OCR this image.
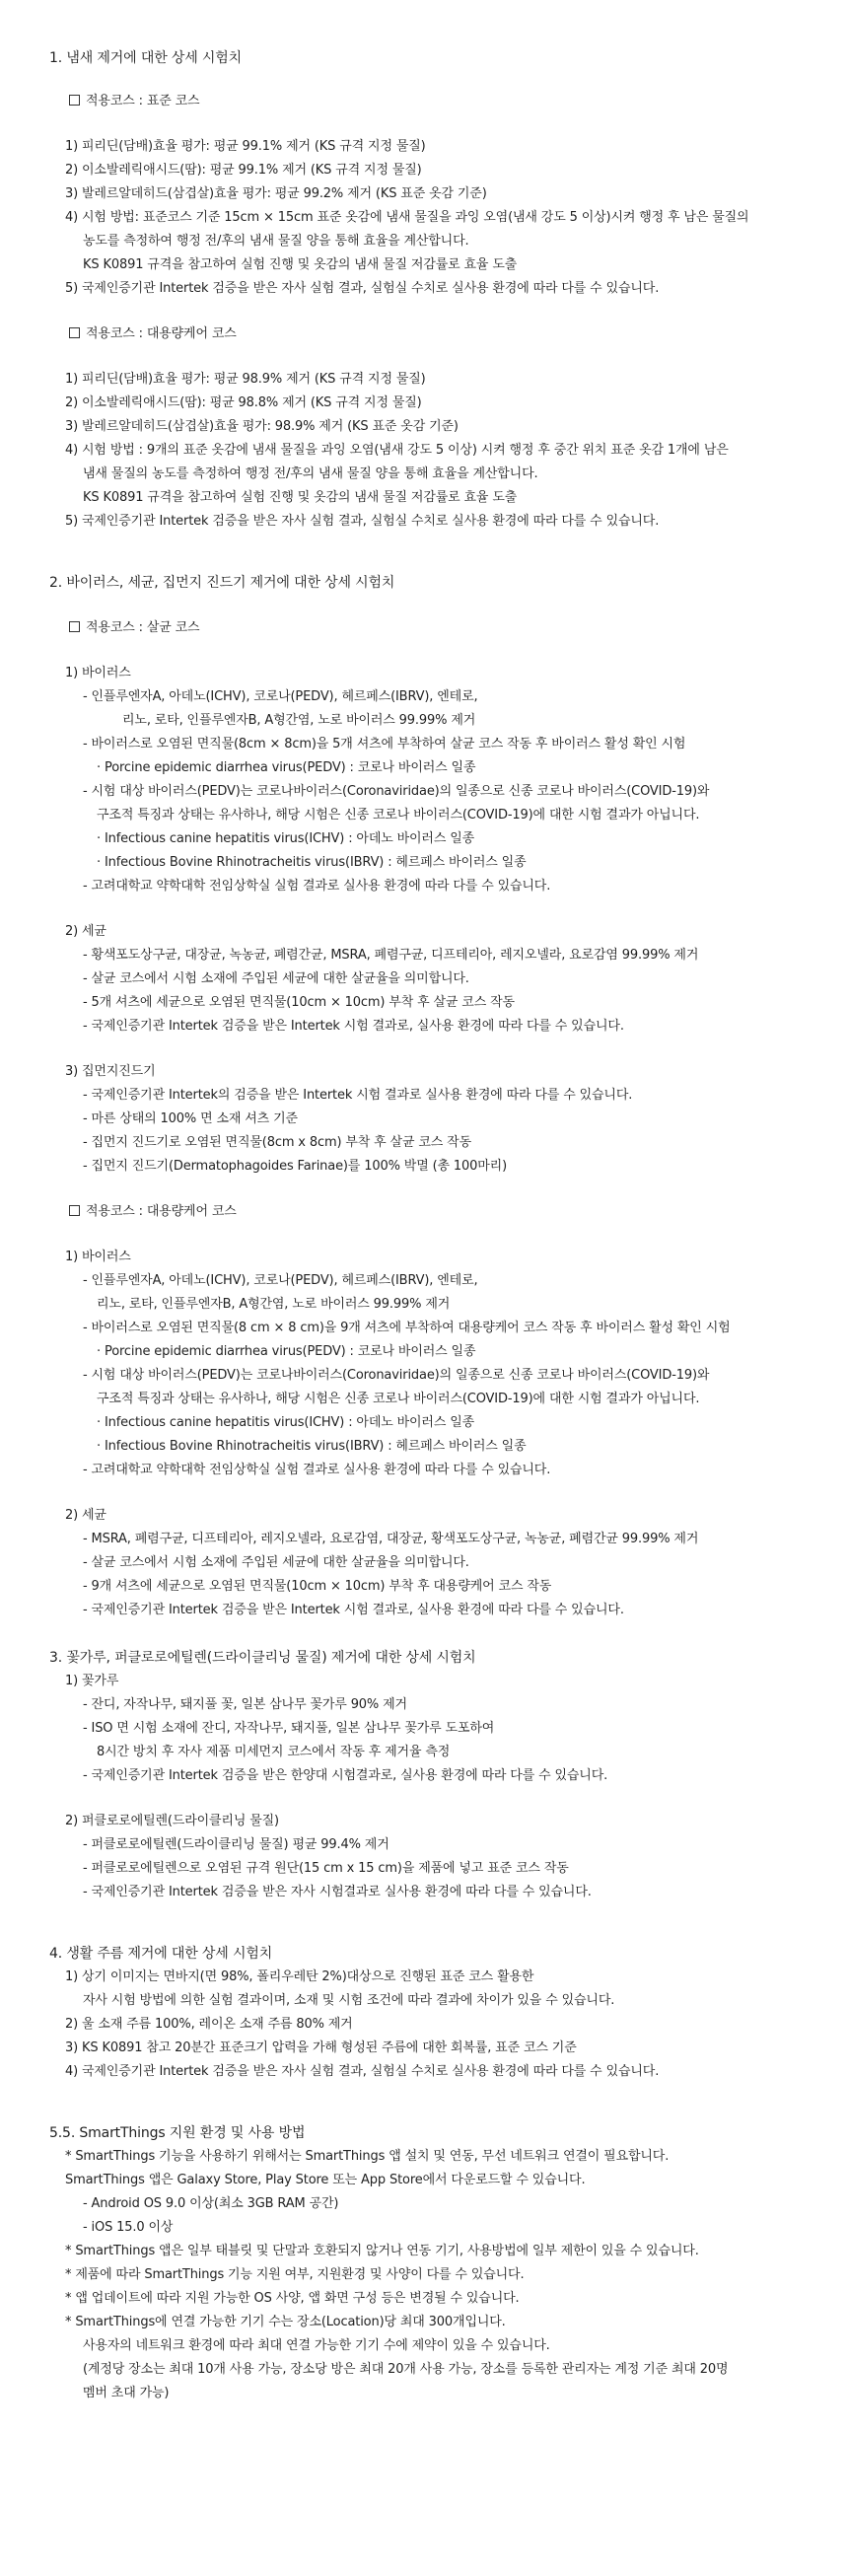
1. 냄새 제거에 대한 상세 시험치
적용코스 : 표준 코스
1) 피리딘(담배)효율 평가: 평균 99.1% 제거 (KS 규격 지정 물질)
2) 이소발레릭애시드(땀): 평균 99.1% 제거 (KS 규격 지정 물질)
3) 발레르알데히드(삼겹살)효율 평가: 평균 99.2% 제거 (KS 표준 옷감 기준)
4) 시험 방법: 표준코스 기준 15cm × 15cm 표준 옷감에 냄새 물질을 과잉 오염(냄새 강도 5 이상)시켜 행정 후 남은 물질의
농도를 측정하여 행정 전/후의 냄새 물질 양을 통해 효율을 계산합니다.
KS K0891 규격을 참고하여 실험 진행 및 옷감의 냄새 물질 저감률로 효율 도출
5) 국제인증기관 Intertek 검증을 받은 자사 실험 결과, 실험실 수치로 실사용 환경에 따라 다를 수 있습니다.
적용코스 : 대용량케어 코스
1) 피리딘(담배)효율 평가: 평균 98.9% 제거 (KS 규격 지정 물질)
2) 이소발레릭애시드(땀): 평균 98.8% 제거 (KS 규격 지정 물질)
3) 발레르알데히드(삼겹살)효율 평가: 98.9% 제거 (KS 표준 옷감 기준)
4) 시험 방법 : 9개의 표준 옷감에 냄새 물질을 과잉 오염(냄새 강도 5 이상) 시켜 행정 후 중간 위치 표준 옷감 1개에 남은
냄새 물질의 농도를 측정하여 행정 전/후의 냄새 물질 양을 통해 효율을 계산합니다.
KS K0891 규격을 참고하여 실험 진행 및 옷감의 냄새 물질 저감률로 효율 도출
5) 국제인증기관 Intertek 검증을 받은 자사 실험 결과, 실험실 수치로 실사용 환경에 따라 다를 수 있습니다.
2. 바이러스, 세균, 집먼지 진드기 제거에 대한 상세 시험치
적용코스 : 살균 코스
1) 바이러스
- 인플루엔자A, 아데노(ICHV), 코로나(PEDV), 헤르페스(IBRV), 엔테로,
리노, 로타, 인플루엔자B, A형간염, 노로 바이러스 99.99% 제거
- 바이러스로 오염된 면직물(8cm × 8cm)을 5개 셔츠에 부착하여 살균 코스 작동 후 바이러스 활성 확인 시험
· Porcine epidemic diarrhea virus(PEDV) : 코로나 바이러스 일종
- 시험 대상 바이러스(PEDV)는 코로나바이러스(Coronaviridae)의 일종으로 신종 코로나 바이러스(COVID-19)와
구조적 특징과 상태는 유사하나, 해당 시험은 신종 코로나 바이러스(COVID-19)에 대한 시험 결과가 아닙니다.
· Infectious canine hepatitis virus(ICHV) : 아데노 바이러스 일종
· Infectious Bovine Rhinotracheitis virus(IBRV) : 헤르페스 바이러스 일종
- 고려대학교 약학대학 전임상학실 실험 결과로 실사용 환경에 따라 다를 수 있습니다.
2) 세균
- 황색포도상구균, 대장균, 녹농균, 폐렴간균, MSRA, 폐렴구균, 디프테리아, 레지오넬라, 요로감염 99.99% 제거
- 살균 코스에서 시험 소재에 주입된 세균에 대한 살균율을 의미합니다.
- 5개 셔츠에 세균으로 오염된 면직물(10cm × 10cm) 부착 후 살균 코스 작동
- 국제인증기관 Intertek 검증을 받은 Intertek 시험 결과로, 실사용 환경에 따라 다를 수 있습니다.
3) 집먼지진드기
- 국제인증기관 Intertek의 검증을 받은 Intertek 시험 결과로 실사용 환경에 따라 다를 수 있습니다.
- 마른 상태의 100% 면 소재 셔츠 기준
- 집먼지 진드기로 오염된 면직물(8cm x 8cm) 부착 후 살균 코스 작동
- 집먼지 진드기(Dermatophagoides Farinae)를 100% 박멸 (총 100마리)
적용코스 : 대용량케어 코스
1) 바이러스
- 인플루엔자A, 아데노(ICHV), 코로나(PEDV), 헤르페스(IBRV), 엔테로,
리노, 로타, 인플루엔자B, A형간염, 노로 바이러스 99.99% 제거
- 바이러스로 오염된 면직물(8 cm × 8 cm)을 9개 셔츠에 부착하여 대용량케어 코스 작동 후 바이러스 활성 확인 시험
· Porcine epidemic diarrhea virus(PEDV) : 코로나 바이러스 일종
- 시험 대상 바이러스(PEDV)는 코로나바이러스(Coronaviridae)의 일종으로 신종 코로나 바이러스(COVID-19)와
구조적 특징과 상태는 유사하나, 해당 시험은 신종 코로나 바이러스(COVID-19)에 대한 시험 결과가 아닙니다.
· Infectious canine hepatitis virus(ICHV) : 아데노 바이러스 일종
· Infectious Bovine Rhinotracheitis virus(IBRV) : 헤르페스 바이러스 일종
- 고려대학교 약학대학 전임상학실 실험 결과로 실사용 환경에 따라 다를 수 있습니다.
2) 세균
- MSRA, 폐렴구균, 디프테리아, 레지오넬라, 요로감염, 대장균, 황색포도상구균, 녹농균, 폐렴간균 99.99% 제거
- 살균 코스에서 시험 소재에 주입된 세균에 대한 살균율을 의미합니다.
- 9개 셔츠에 세균으로 오염된 면직물(10cm × 10cm) 부착 후 대용량케어 코스 작동
- 국제인증기관 Intertek 검증을 받은 Intertek 시험 결과로, 실사용 환경에 따라 다를 수 있습니다.
3. 꽃가루, 퍼클로로에틸렌(드라이클리닝 물질) 제거에 대한 상세 시험치
1) 꽃가루
- 잔디, 자작나무, 돼지풀 꽃, 일본 삼나무 꽃가루 90% 제거
- ISO 면 시험 소재에 잔디, 자작나무, 돼지풀, 일본 삼나무 꽃가루 도포하여
8시간 방치 후 자사 제품 미세먼지 코스에서 작동 후 제거율 측정
- 국제인증기관 Intertek 검증을 받은 한양대 시험결과로, 실사용 환경에 따라 다를 수 있습니다.
2) 퍼클로로에틸렌(드라이클리닝 물질)
- 퍼클로로에틸렌(드라이클리닝 물질) 평균 99.4% 제거
- 퍼클로로에틸렌으로 오염된 규격 원단(15 cm x 15 cm)을 제품에 넣고 표준 코스 작동
- 국제인증기관 Intertek 검증을 받은 자사 시험결과로 실사용 환경에 따라 다를 수 있습니다.
4. 생활 주름 제거에 대한 상세 시험치
1) 상기 이미지는 면바지(면 98%, 폴리우레탄 2%)대상으로 진행된 표준 코스 활용한
자사 시험 방법에 의한 실험 결과이며, 소재 및 시험 조건에 따라 결과에 차이가 있을 수 있습니다.
2) 울 소재 주름 100%, 레이온 소재 주름 80% 제거
3) KS K0891 참고 20분간 표준크기 압력을 가해 형성된 주름에 대한 회복률, 표준 코스 기준
4) 국제인증기관 Intertek 검증을 받은 자사 실험 결과, 실험실 수치로 실사용 환경에 따라 다를 수 있습니다.
5.5. SmartThings 지원 환경 및 사용 방법
* SmartThings 기능을 사용하기 위해서는 SmartThings 앱 설치 및 연동, 무선 네트워크 연결이 필요합니다.
SmartThings 앱은 Galaxy Store, Play Store 또는 App Store에서 다운로드할 수 있습니다.
- Android OS 9.0 이상(최소 3GB RAM 공간)
- iOS 15.0 이상
* SmartThings 앱은 일부 태블릿 및 단말과 호환되지 않거나 연동 기기, 사용방법에 일부 제한이 있을 수 있습니다.
* 제품에 따라 SmartThings 기능 지원 여부, 지원환경 및 사양이 다를 수 있습니다.
* 앱 업데이트에 따라 지원 가능한 OS 사양, 앱 화면 구성 등은 변경될 수 있습니다.
* SmartThings에 연결 가능한 기기 수는 장소(Location)당 최대 300개입니다.
사용자의 네트워크 환경에 따라 최대 연결 가능한 기기 수에 제약이 있을 수 있습니다.
(계정당 장소는 최대 10개 사용 가능, 장소당 방은 최대 20개 사용 가능, 장소를 등록한 관리자는 계정 기준 최대 20명
멤버 초대 가능)
